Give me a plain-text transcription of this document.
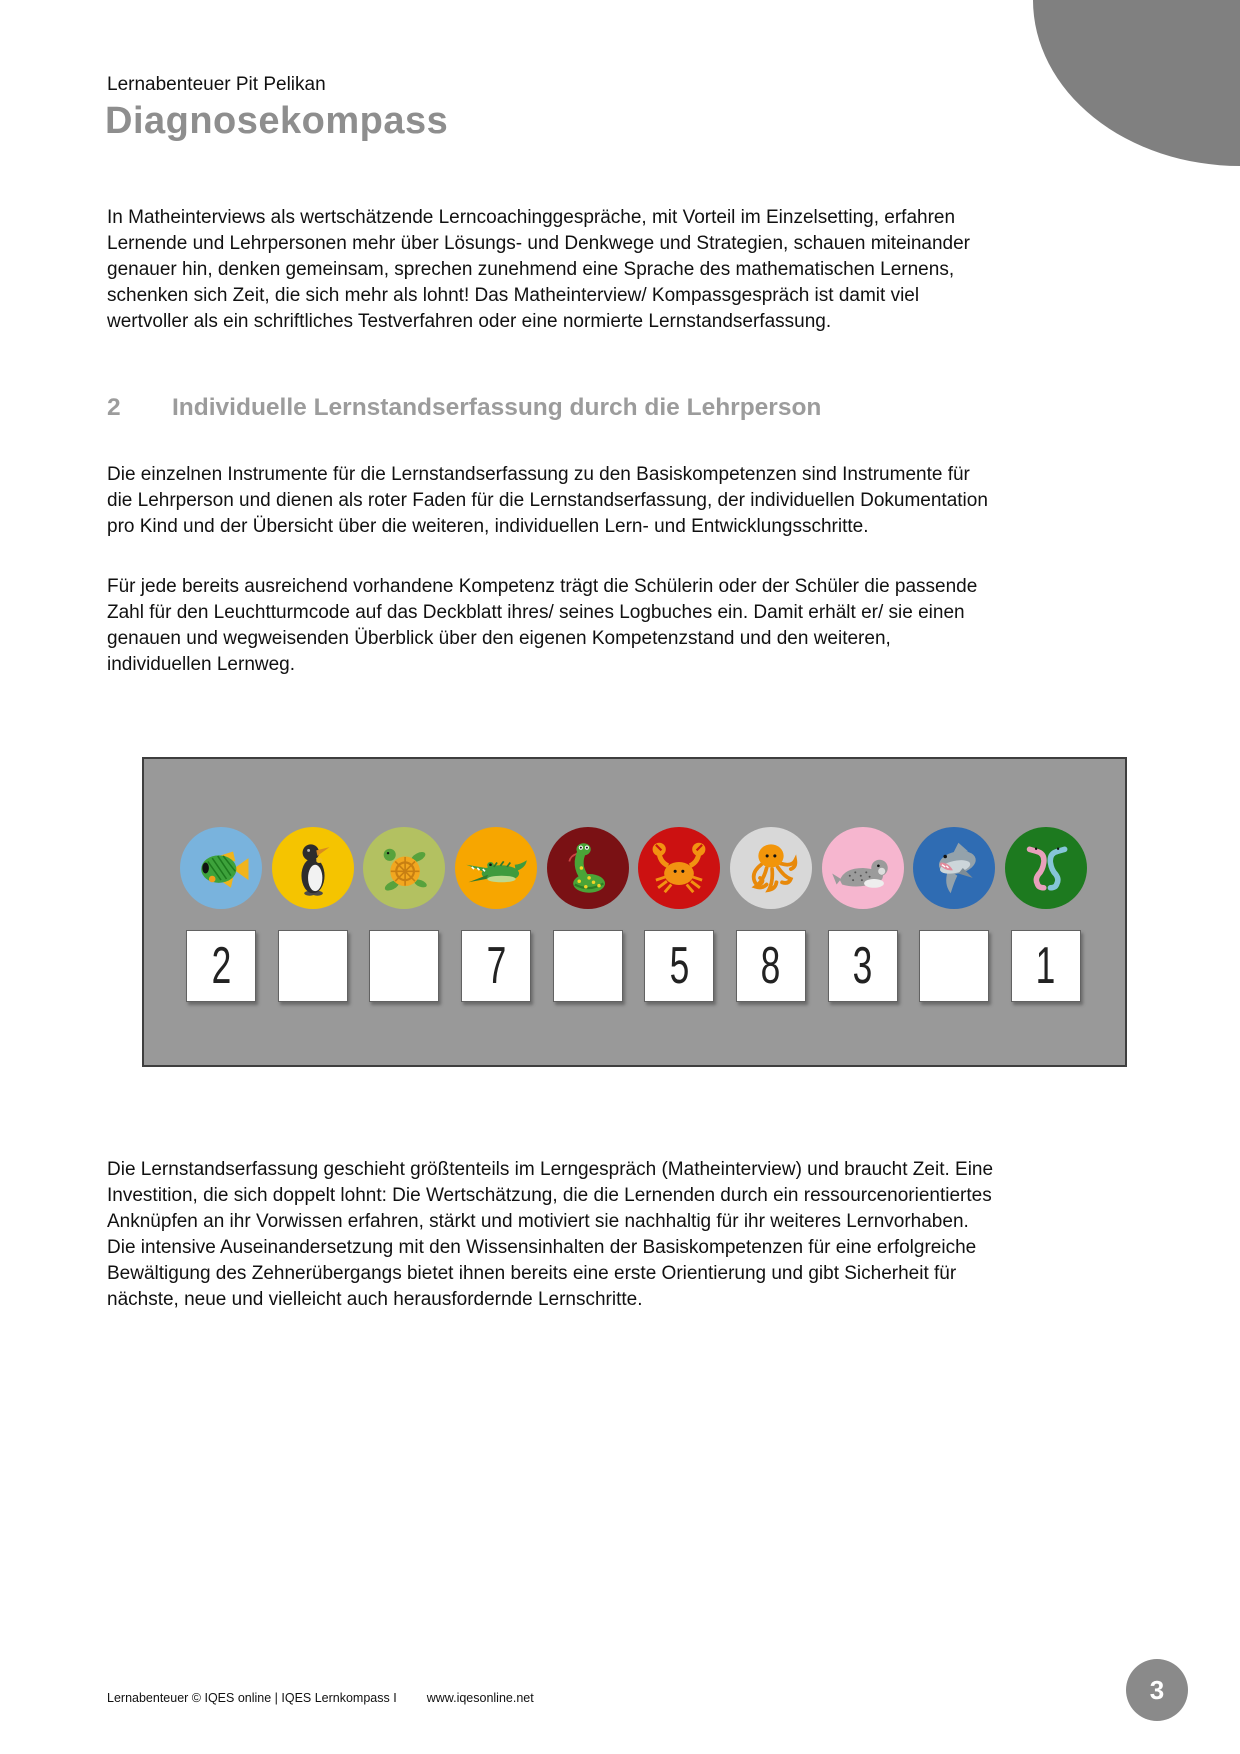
Lernabenteuer Pit Pelikan
Diagnosekompass

In Matheinterviews als wertschätzende Lerncoachinggespräche, mit Vorteil im Einzelsetting, erfahren Lernende und Lehrpersonen mehr über Lösungs- und Denkwege und Strategien, schauen miteinander genauer hin, denken gemeinsam, sprechen zunehmend eine Sprache des mathematischen Lernens, schenken sich Zeit, die sich mehr als lohnt! Das Matheinterview/ Kompassgespräch ist damit viel wertvoller als ein schriftliches Testverfahren oder eine normierte Lernstandserfassung.

2	Individuelle Lernstandserfassung durch die Lehrperson

Die einzelnen Instrumente für die Lernstandserfassung zu den Basiskompetenzen sind Instrumente für die Lehrperson und dienen als roter Faden für die Lernstandserfassung, der individuellen Dokumentation pro Kind und der Übersicht über die weiteren, individuellen Lern- und Entwicklungsschritte.

Für jede bereits ausreichend vorhandene Kompetenz trägt die Schülerin oder der Schüler die passende Zahl für den Leuchtturmcode auf das Deckblatt ihres/ seines Logbuches ein. Damit erhält er/ sie einen genauen und wegweisenden Überblick über den eigenen Kompetenzstand und den weiteren, individuellen Lernweg.

2	7	5 8 3	1

Die Lernstandserfassung geschieht größtenteils im Lerngespräch (Matheinterview) und braucht Zeit. Eine Investition, die sich doppelt lohnt: Die Wertschätzung, die die Lernenden durch ein ressourcenorientiertes Anknüpfen an ihr Vorwissen erfahren, stärkt und motiviert sie nachhaltig für ihr weiteres Lernvorhaben. Die intensive Auseinandersetzung mit den Wissensinhalten der Basiskompetenzen für eine erfolgreiche Bewältigung des Zehnerübergangs bietet ihnen bereits eine erste Orientierung und gibt Sicherheit für nächste, neue und vielleicht auch herausfordernde Lernschritte.

Lernabenteuer © IQES online | IQES Lernkompass I www.iqesonline.net	3
